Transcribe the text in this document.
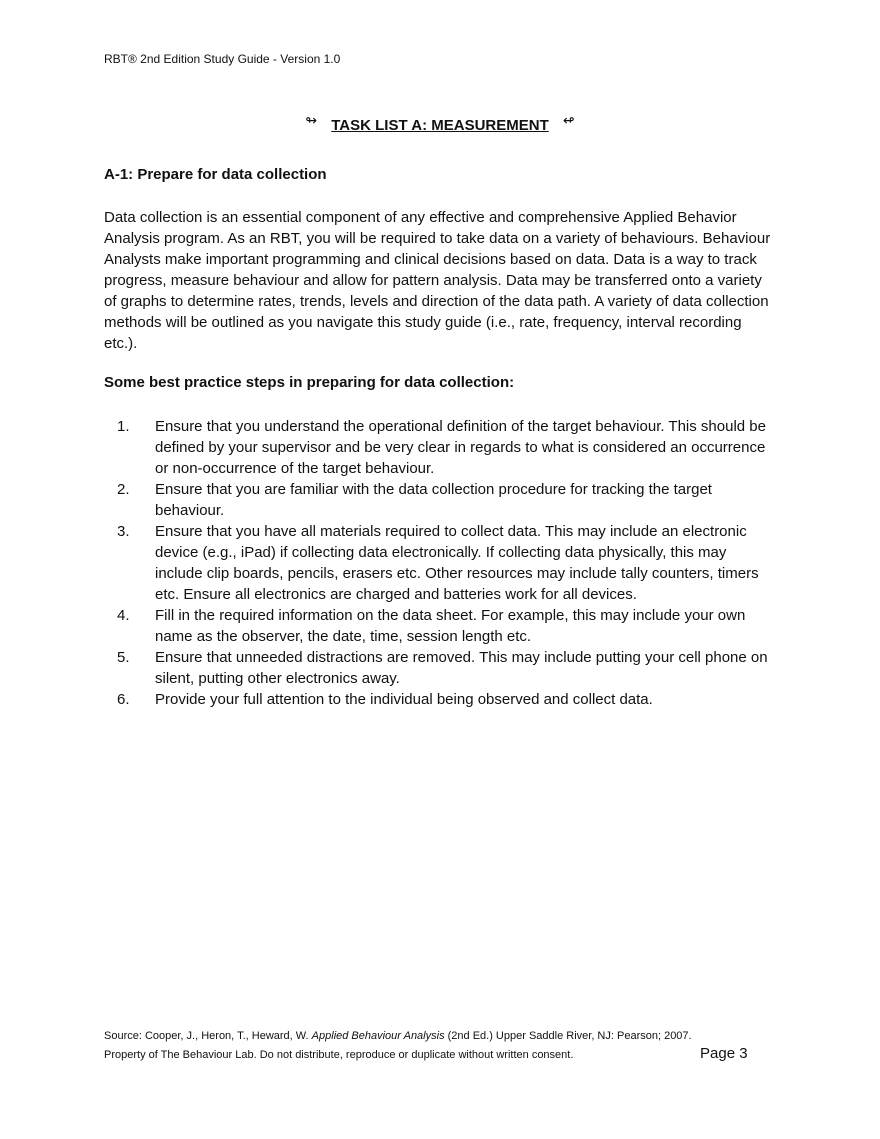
RBT® 2nd Edition Study Guide - Version 1.0
↬ TASK LIST A: MEASUREMENT ↫
A-1: Prepare for data collection
Data collection is an essential component of any effective and comprehensive Applied Behavior Analysis program. As an RBT, you will be required to take data on a variety of behaviours. Behaviour Analysts make important programming and clinical decisions based on data. Data is a way to track progress, measure behaviour and allow for pattern analysis. Data may be transferred onto a variety of graphs to determine rates, trends, levels and direction of the data path. A variety of data collection methods will be outlined as you navigate this study guide (i.e., rate, frequency, interval recording etc.).
Some best practice steps in preparing for data collection:
1.	Ensure that you understand the operational definition of the target behaviour. This should be defined by your supervisor and be very clear in regards to what is considered an occurrence or non-occurrence of the target behaviour.
2.	Ensure that you are familiar with the data collection procedure for tracking the target behaviour.
3.	Ensure that you have all materials required to collect data. This may include an electronic device (e.g., iPad) if collecting data electronically. If collecting data physically, this may include clip boards, pencils, erasers etc. Other resources may include tally counters, timers etc. Ensure all electronics are charged and batteries work for all devices.
4.	Fill in the required information on the data sheet. For example, this may include your own name as the observer, the date, time, session length etc.
5.	Ensure that unneeded distractions are removed. This may include putting your cell phone on silent, putting other electronics away.
6.	Provide your full attention to the individual being observed and collect data.
Source: Cooper, J., Heron, T., Heward, W. Applied Behaviour Analysis (2nd Ed.) Upper Saddle River, NJ: Pearson; 2007.
Property of The Behaviour Lab. Do not distribute, reproduce or duplicate without written consent.	Page 3
